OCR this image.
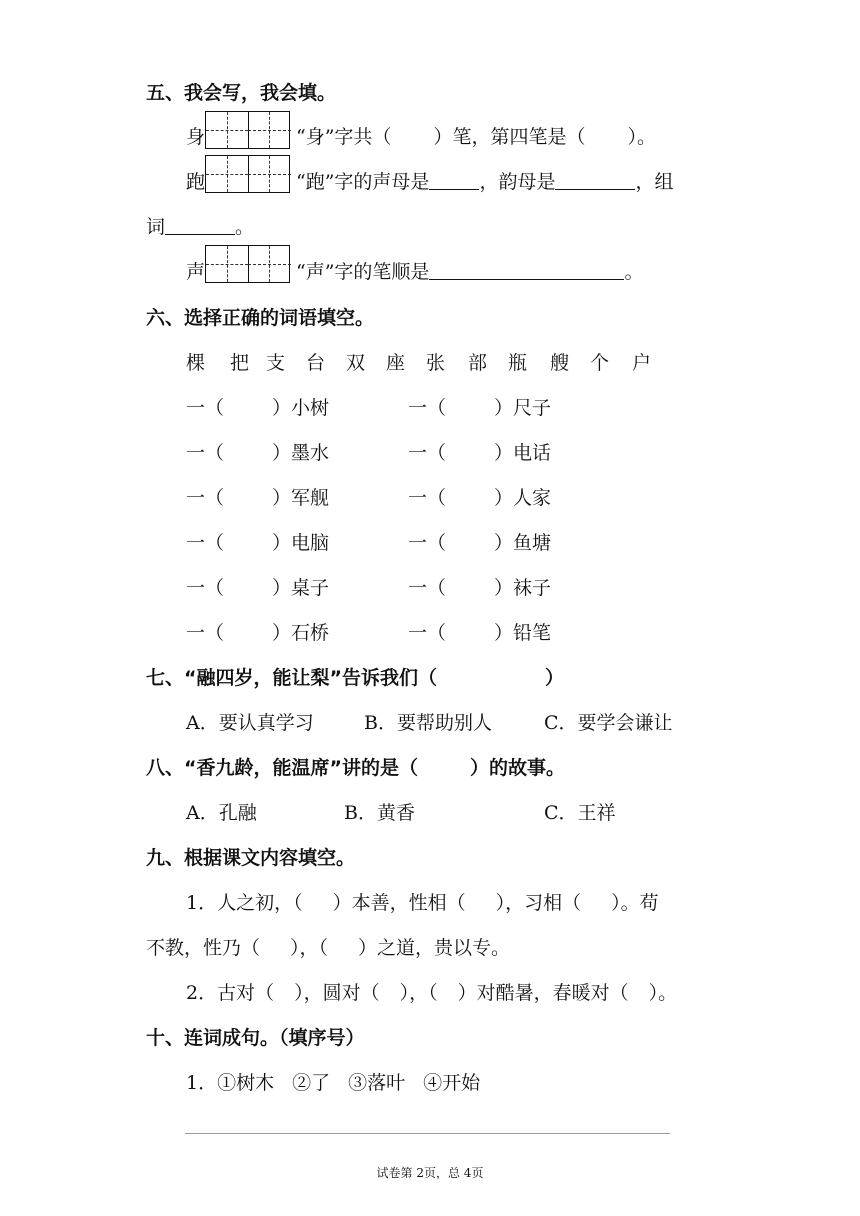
五、我会写，我会填。
身	“身”字共（ ）笔，第四笔是（ ）。
跑	“跑”字的声母是	，韵母是	，组
词	。
声	“声”字的笔顺是	。
六、选择正确的词语填空。
棵 把 支 台 双 座 张 部 瓶 艘 个 户
一（	）小树	一（	）尺子
一（	）墨水	一（	）电话
一（	）军舰	一（	）人家
一（	）电脑	一（	）鱼塘
一（	）桌子	一（	）袜子
一（	）石桥	一（	）铅笔
七、“融四岁，能让梨”告诉我们（	）
A．要认真学习	B．要帮助别人	C．要学会谦让
八、“香九龄，能温席”讲的是（	）的故事。
A．孔融	B．黄香	C．王祥
九、根据课文内容填空。
1．人之初，（ ）本善，性相（ ），习相（ ）。苟
不教，性乃（ ），（ ）之道，贵以专。
2．古对（ ），圆对（ ），（ ）对酷暑，春暖对（ ）。
十、连词成句。（填序号）
1．①树木 ②了 ③落叶 ④开始
试卷第 2页，总 4页
